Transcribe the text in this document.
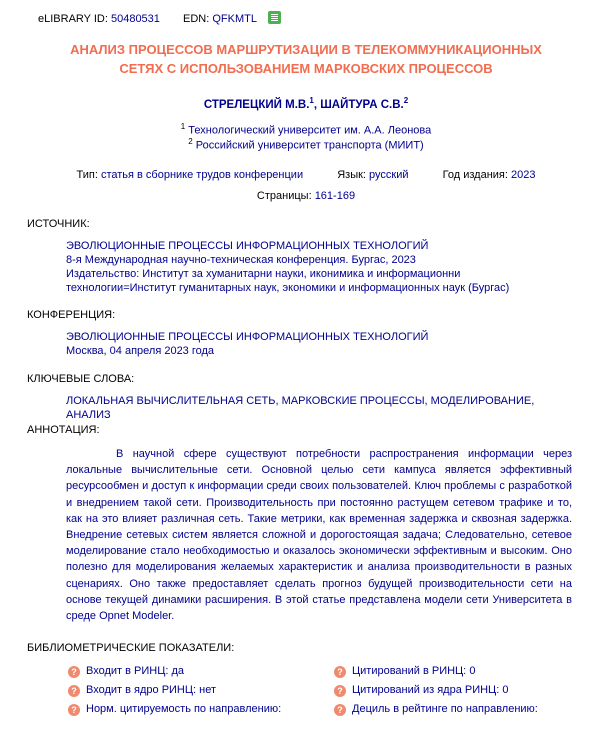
eLIBRARY ID: 50480531 EDN: QFKMTL
АНАЛИЗ ПРОЦЕССОВ МАРШРУТИЗАЦИИ В ТЕЛЕКОММУНИКАЦИОННЫХ
СЕТЯХ С ИСПОЛЬЗОВАНИЕМ МАРКОВСКИХ ПРОЦЕССОВ
СТРЕЛЕЦКИЙ М.В.$^1$, ШАЙТУРА С.В.$^2$
$^1$ Технологический университет им. А.А. Леонова
$^2$ Российский университет транспорта (МИИТ)
Тип: статья в сборнике трудов конференции	Язык: русский	Год издания: 2023
Страницы: 161-169
ИСТОЧНИК:
ЭВОЛЮЦИОННЫЕ ПРОЦЕССЫ ИНФОРМАЦИОННЫХ ТЕХНОЛОГИЙ
8-я Международная научно-техническая конференция. Бургас, 2023
Издательство: Институт за хуманитарни науки, иконимика и информационни технологии=Институт гуманитарных наук, экономики и информационных наук (Бургас)
КОНФЕРЕНЦИЯ:
ЭВОЛЮЦИОННЫЕ ПРОЦЕССЫ ИНФОРМАЦИОННЫХ ТЕХНОЛОГИЙ
Москва, 04 апреля 2023 года
КЛЮЧЕВЫЕ СЛОВА:
ЛОКАЛЬНАЯ ВЫЧИСЛИТЕЛЬНАЯ СЕТЬ, МАРКОВСКИЕ ПРОЦЕССЫ, МОДЕЛИРОВАНИЕ, АНАЛИЗ
АННОТАЦИЯ:
В научной сфере существуют потребности распространения информации через локальные вычислительные сети. Основной целью сети кампуса является эффективный ресурсообмен и доступ к информации среди своих пользователей. Ключ проблемы с разработкой и внедрением такой сети. Производительность при постоянно растущем сетевом трафике и то, как на это влияет различная сеть. Такие метрики, как временная задержка и сквозная задержка. Внедрение сетевых систем является сложной и дорогостоящая задача; Следовательно, сетевое моделирование стало необходимостью и оказалось экономически эффективным и высоким. Оно полезно для моделирования желаемых характеристик и анализа производительности в разных сценариях. Оно также предоставляет сделать прогноз будущей производительности сети на основе текущей динамики расширения. В этой статье представлена модели сети Университета в среде Opnet Modeler.
БИБЛИОМЕТРИЧЕСКИЕ ПОКАЗАТЕЛИ:
? Входит в РИНЦ: да
? Входит в ядро РИНЦ: нет
? Норм. цитируемость по направлению:
? Цитирований в РИНЦ: 0
? Цитирований из ядра РИНЦ: 0
? Дециль в рейтинге по направлению:
